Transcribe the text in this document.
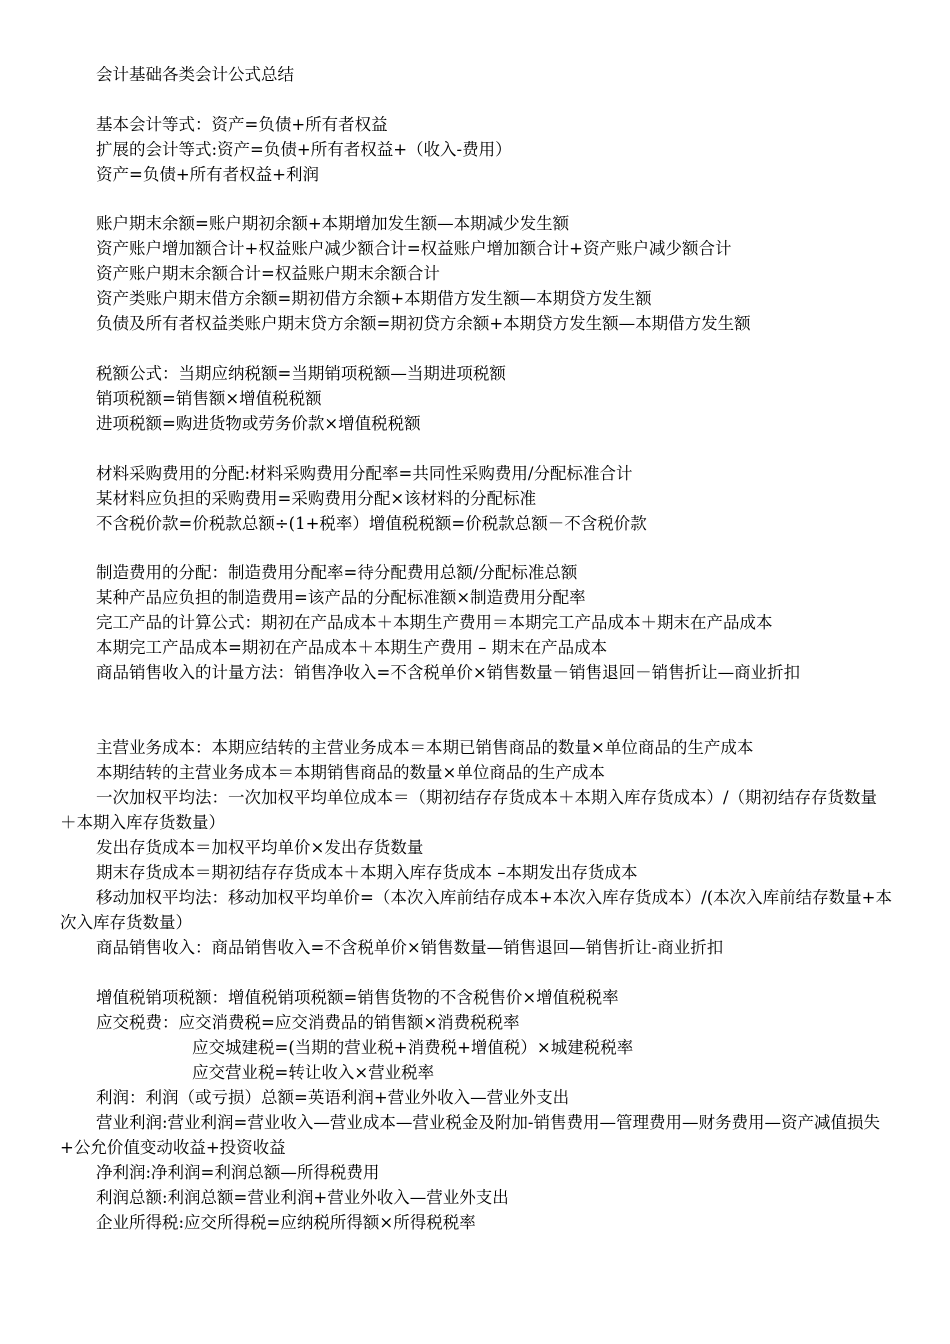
会计基础各类会计公式总结
基本会计等式：资产=负债+所有者权益
扩展的会计等式:资产=负债+所有者权益+（收入-费用）
资产=负债+所有者权益+利润
账户期末余额=账户期初余额+本期增加发生额—本期减少发生额
资产账户增加额合计+权益账户减少额合计=权益账户增加额合计+资产账户减少额合计
资产账户期末余额合计=权益账户期末余额合计
资产类账户期末借方余额=期初借方余额+本期借方发生额—本期贷方发生额
负债及所有者权益类账户期末贷方余额=期初贷方余额+本期贷方发生额—本期借方发生额
税额公式：当期应纳税额=当期销项税额—当期进项税额
销项税额=销售额×增值税税额
进项税额=购进货物或劳务价款×增值税税额
材料采购费用的分配:材料采购费用分配率=共同性采购费用/分配标准合计
某材料应负担的采购费用=采购费用分配×该材料的分配标准
不含税价款=价税款总额÷(1+税率）增值税税额=价税款总额－不含税价款
制造费用的分配：制造费用分配率=待分配费用总额/分配标准总额
某种产品应负担的制造费用=该产品的分配标准额×制造费用分配率
完工产品的计算公式：期初在产品成本＋本期生产费用＝本期完工产品成本＋期末在产品成本
本期完工产品成本=期初在产品成本＋本期生产费用 – 期末在产品成本
商品销售收入的计量方法：销售净收入=不含税单价×销售数量－销售退回－销售折让—商业折扣
主营业务成本：本期应结转的主营业务成本＝本期已销售商品的数量×单位商品的生产成本
本期结转的主营业务成本＝本期销售商品的数量×单位商品的生产成本
一次加权平均法：一次加权平均单位成本＝（期初结存存货成本＋本期入库存货成本）/（期初结存存货数量＋本期入库存货数量）
发出存货成本＝加权平均单价×发出存货数量
期末存货成本＝期初结存存货成本＋本期入库存货成本 –本期发出存货成本
移动加权平均法：移动加权平均单价=（本次入库前结存成本+本次入库存货成本）/(本次入库前结存数量+本次入库存货数量）
商品销售收入：商品销售收入=不含税单价×销售数量—销售退回—销售折让-商业折扣
增值税销项税额：增值税销项税额=销售货物的不含税售价×增值税税率
应交税费：应交消费税=应交消费品的销售额×消费税税率
应交城建税=(当期的营业税+消费税+增值税）×城建税税率
应交营业税=转让收入×营业税率
利润：利润（或亏损）总额=英语利润+营业外收入—营业外支出
营业利润:营业利润=营业收入—营业成本—营业税金及附加-销售费用—管理费用—财务费用—资产减值损失+公允价值变动收益+投资收益
净利润:净利润=利润总额—所得税费用
利润总额:利润总额=营业利润+营业外收入—营业外支出
企业所得税:应交所得税=应纳税所得额×所得税税率
